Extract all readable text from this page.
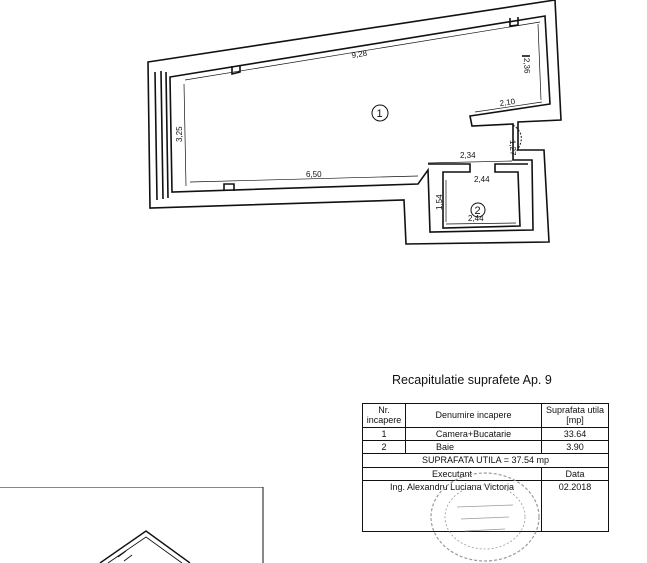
9,28
2,36
2,10
3,25
6,50
2,34	1,27
2,44
1,54
2,44
1
2
Recapitulatie suprafete Ap. 9
Nr. incapere	Denumire incapere	Suprafata utila [mp]
1	Camera+Bucatarie	33.64
2	Baie	3.90
SUPRAFATA UTILA = 37.54 mp		
Executant		Data
Ing. Alexandru Luciana Victoria		02.2018
